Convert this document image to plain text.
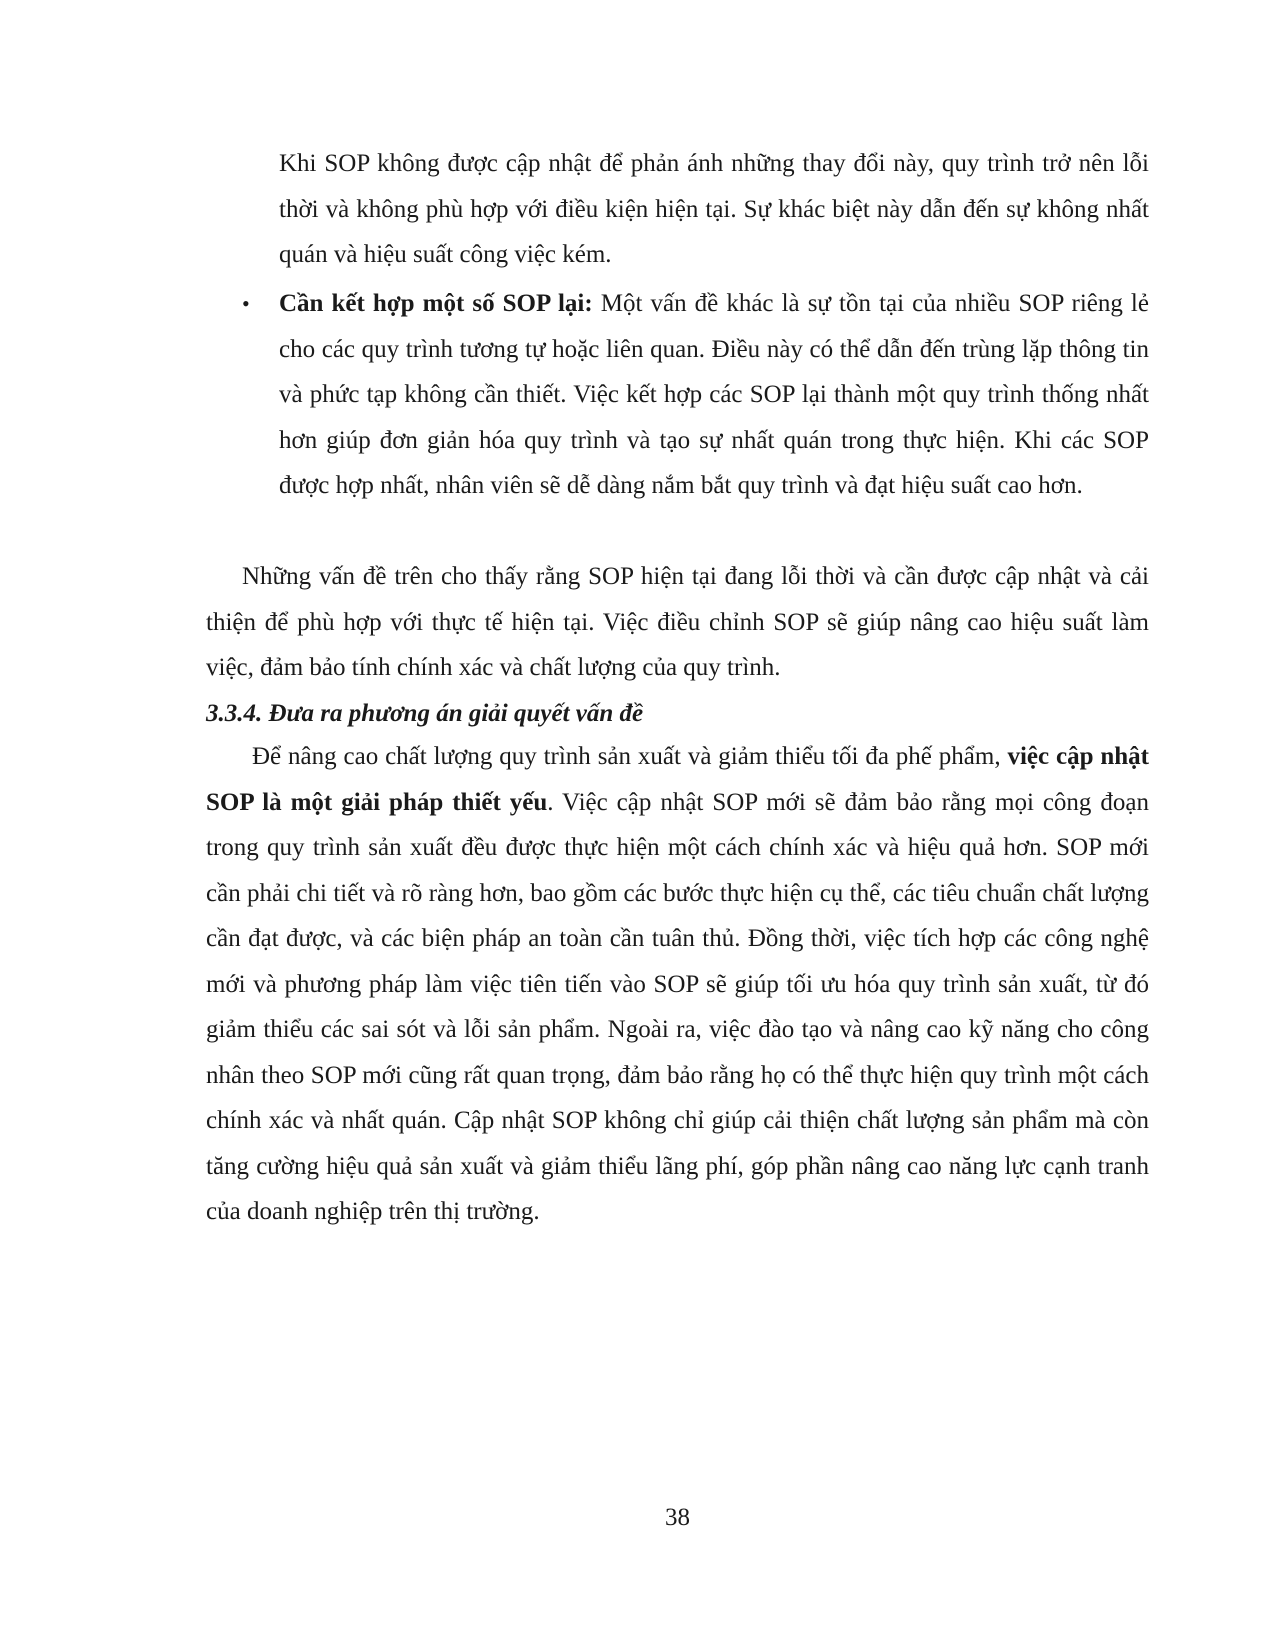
Khi SOP không được cập nhật để phản ánh những thay đổi này, quy trình trở nên lỗi thời và không phù hợp với điều kiện hiện tại. Sự khác biệt này dẫn đến sự không nhất quán và hiệu suất công việc kém.

• Cần kết hợp một số SOP lại: Một vấn đề khác là sự tồn tại của nhiều SOP riêng lẻ cho các quy trình tương tự hoặc liên quan. Điều này có thể dẫn đến trùng lặp thông tin và phức tạp không cần thiết. Việc kết hợp các SOP lại thành một quy trình thống nhất hơn giúp đơn giản hóa quy trình và tạo sự nhất quán trong thực hiện. Khi các SOP được hợp nhất, nhân viên sẽ dễ dàng nắm bắt quy trình và đạt hiệu suất cao hơn.

Những vấn đề trên cho thấy rằng SOP hiện tại đang lỗi thời và cần được cập nhật và cải thiện để phù hợp với thực tế hiện tại. Việc điều chỉnh SOP sẽ giúp nâng cao hiệu suất làm việc, đảm bảo tính chính xác và chất lượng của quy trình.

3.3.4. Đưa ra phương án giải quyết vấn đề

Để nâng cao chất lượng quy trình sản xuất và giảm thiểu tối đa phế phẩm, việc cập nhật SOP là một giải pháp thiết yếu. Việc cập nhật SOP mới sẽ đảm bảo rằng mọi công đoạn trong quy trình sản xuất đều được thực hiện một cách chính xác và hiệu quả hơn. SOP mới cần phải chi tiết và rõ ràng hơn, bao gồm các bước thực hiện cụ thể, các tiêu chuẩn chất lượng cần đạt được, và các biện pháp an toàn cần tuân thủ. Đồng thời, việc tích hợp các công nghệ mới và phương pháp làm việc tiên tiến vào SOP sẽ giúp tối ưu hóa quy trình sản xuất, từ đó giảm thiểu các sai sót và lỗi sản phẩm. Ngoài ra, việc đào tạo và nâng cao kỹ năng cho công nhân theo SOP mới cũng rất quan trọng, đảm bảo rằng họ có thể thực hiện quy trình một cách chính xác và nhất quán. Cập nhật SOP không chỉ giúp cải thiện chất lượng sản phẩm mà còn tăng cường hiệu quả sản xuất và giảm thiểu lãng phí, góp phần nâng cao năng lực cạnh tranh của doanh nghiệp trên thị trường.

38
